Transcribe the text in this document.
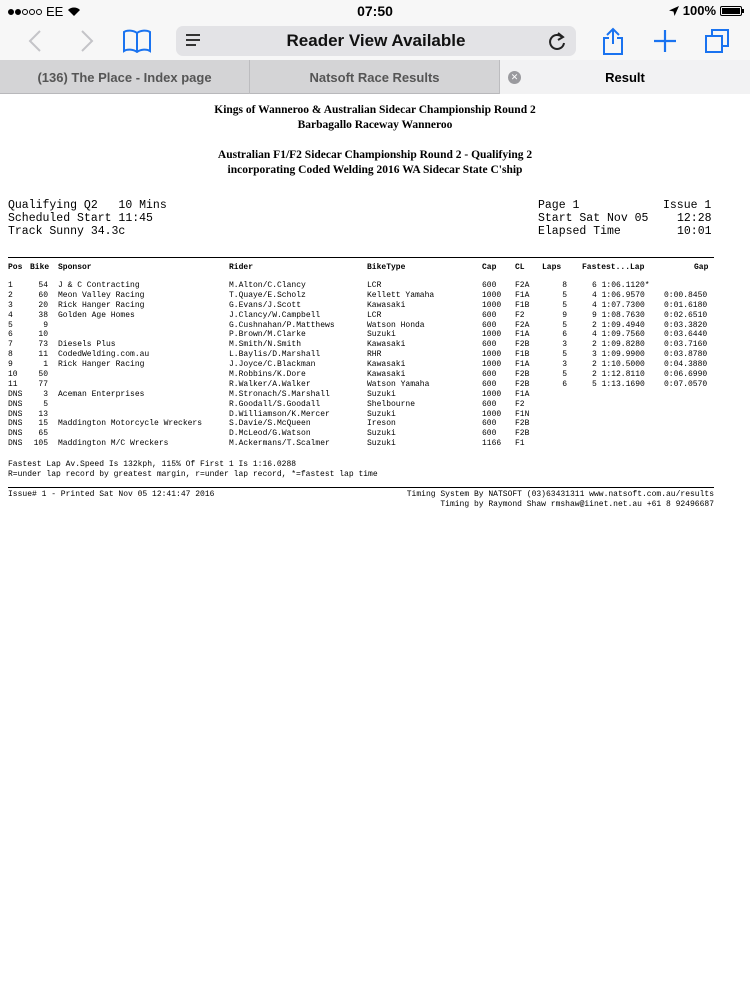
EE	07:50	100%
Reader View Available
(136) The Place - Index page	Natsoft Race Results	✕	Result
Kings of Wanneroo & Australian Sidecar Championship Round 2
Barbagallo Raceway Wanneroo
Australian F1/F2 Sidecar Championship Round 2 - Qualifying 2
incorporating Coded Welding 2016 WA Sidecar State C'ship
Qualifying Q2   10 Mins
Scheduled Start 11:45
Track Sunny 34.3c
Page 1	Issue 1
Start Sat Nov 05 12:28
Elapsed Time	10:01
Pos Bike Sponsor	Rider	BikeType	Cap CL Laps	Fastest...Lap	Gap
1	54 J & C Contracting	M.Alton/C.Clancy	LCR	600 F2A	8	6 1:06.1120*
2	60 Meon Valley Racing	T.Quaye/E.Scholz	Kellett Yamaha	1000 F1A	5	4 1:06.9570 0:00.8450
3	20 Rick Hanger Racing	G.Evans/J.Scott	Kawasaki	1000 F1B	5	4 1:07.7300 0:01.6180
4	38 Golden Age Homes	J.Clancy/W.Campbell	LCR	600 F2	9	9 1:08.7630 0:02.6510
5	9	G.Cushnahan/P.Matthews	Watson Honda	600 F2A	5	2 1:09.4940 0:03.3820
6	10	P.Brown/M.Clarke	Suzuki	1000 F1A	6	4 1:09.7560 0:03.6440
7	73 Diesels Plus	M.Smith/N.Smith	Kawasaki	600 F2B	3	2 1:09.8280 0:03.7160
8	11 CodedWelding.com.au	L.Baylis/D.Marshall	RHR	1000 F1B	5	3 1:09.9900 0:03.8780
9	1 Rick Hanger Racing	J.Joyce/C.Blackman	Kawasaki	1000 F1A	3	2 1:10.5000 0:04.3880
10	50	M.Robbins/K.Dore	Kawasaki	600 F2B	5	2 1:12.8110 0:06.6990
11	77	R.Walker/A.Walker	Watson Yamaha	600 F2B	6	5 1:13.1690 0:07.0570
DNS	3 Aceman Enterprises	M.Stronach/S.Marshall	Suzuki	1000 F1A
DNS	5	R.Goodall/S.Goodall	Shelbourne	600 F2
DNS	13	D.Williamson/K.Mercer	Suzuki	1000 F1N
DNS	15 Maddington Motorcycle Wreckers	S.Davie/S.McQueen	Ireson	600 F2B
DNS	65	D.McLeod/G.Watson	Suzuki	600 F2B
DNS	105 Maddington M/C Wreckers	M.Ackermans/T.Scalmer	Suzuki	1166 F1
Fastest Lap Av.Speed Is 132kph, 115% Of First 1 Is 1:16.0288
R=under lap record by greatest margin, r=under lap record, *=fastest lap time
Issue# 1 - Printed Sat Nov 05 12:41:47 2016	Timing System By NATSOFT (03)63431311 www.natsoft.com.au/results
Timing by Raymond Shaw rmshaw@iinet.net.au +61 8 92496687
